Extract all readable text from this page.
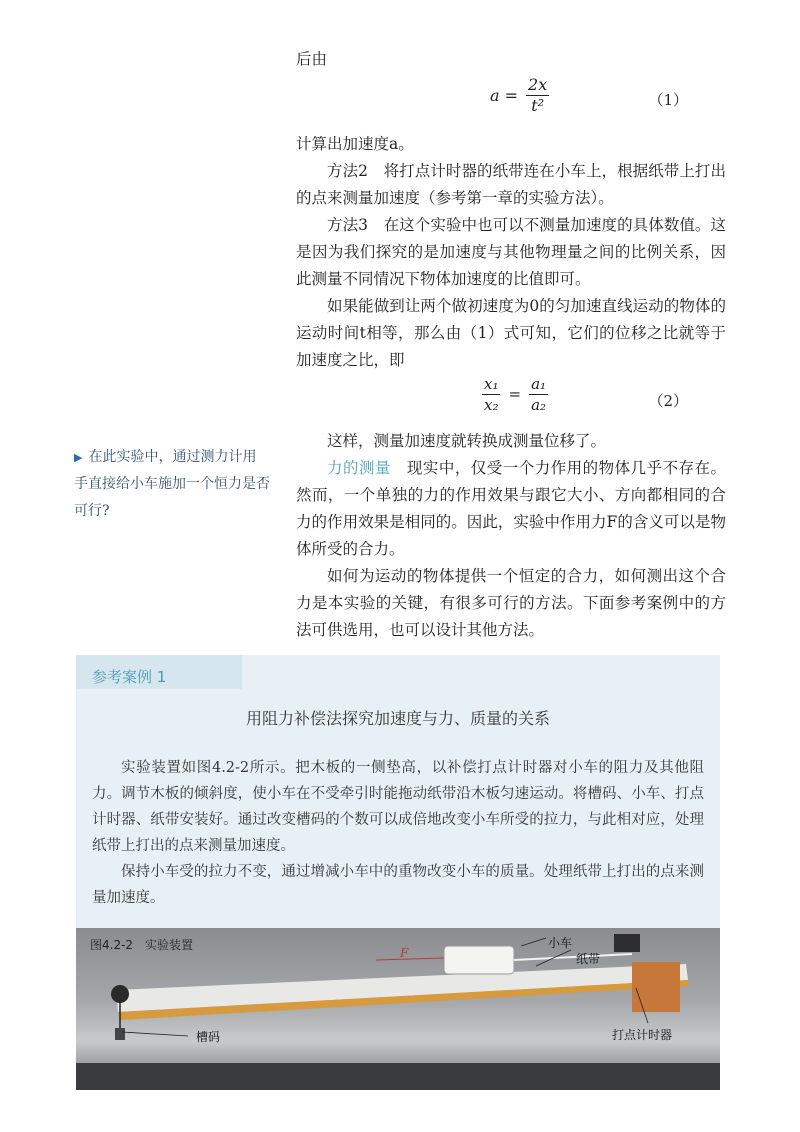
后由

$a = \frac{2x}{\text{t²}}$	（1）

计算出加速度a。

方法2　将打点计时器的纸带连在小车上，根据纸带上打出的点来测量加速度（参考第一章的实验方法）。

方法3　在这个实验中也可以不测量加速度的具体数值。这是因为我们探究的是加速度与其他物理量之间的比例关系，因此测量不同情况下物体加速度的比值即可。

如果能做到让两个做初速度为0的匀加速直线运动的物体的运动时间t相等，那么由（1）式可知，它们的位移之比就等于加速度之比，即

$\frac{\text{x₁}}{\text{x₂}} = \frac{\text{a₁}}{\text{a₂}}$	（2）

这样，测量加速度就转换成测量位移了。

力的测量　现实中，仅受一个力作用的物体几乎不存在。然而，一个单独的力的作用效果与跟它大小、方向都相同的合力的作用效果是相同的。因此，实验中作用力F的含义可以是物体所受的合力。

如何为运动的物体提供一个恒定的合力，如何测出这个合力是本实验的关键，有很多可行的方法。下面参考案例中的方法可供选用，也可以设计其他方法。

▶ 在此实验中，通过测力计用手直接给小车施加一个恒力是否可行?
参考案例 1
用阻力补偿法探究加速度与力、质量的关系

实验装置如图4.2-2所示。把木板的一侧垫高，以补偿打点计时器对小车的阻力及其他阻力。调节木板的倾斜度，使小车在不受牵引时能拖动纸带沿木板匀速运动。将槽码、小车、打点计时器、纸带安装好。通过改变槽码的个数可以成倍地改变小车所受的拉力，与此相对应，处理纸带上打出的点来测量加速度。

保持小车受的拉力不变，通过增减小车中的重物改变小车的质量。处理纸带上打出的点来测量加速度。

图4.2-2　实验装置	小车
纸带
槽码	打点计时器
F
